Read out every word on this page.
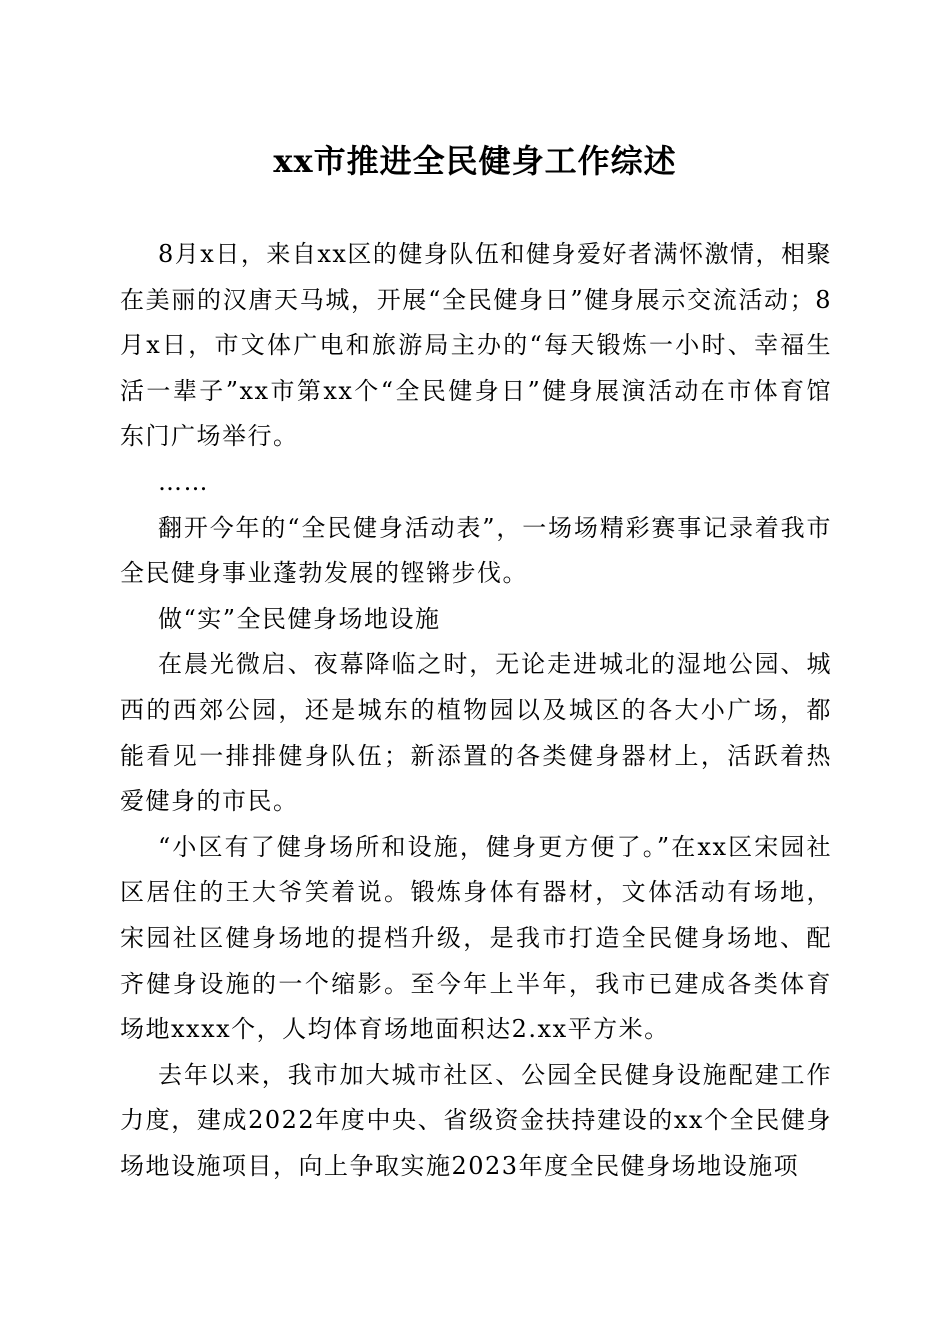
xx市推进全民健身工作综述

8月x日，来自xx区的健身队伍和健身爱好者满怀激情，相聚在美丽的汉唐天马城，开展“全民健身日”健身展示交流活动；8月x日，市文体广电和旅游局主办的“每天锻炼一小时、幸福生活一辈子”xx市第xx个“全民健身日”健身展演活动在市体育馆东门广场举行。

……

翻开今年的“全民健身活动表”，一场场精彩赛事记录着我市全民健身事业蓬勃发展的铿锵步伐。

做“实”全民健身场地设施

在晨光微启、夜幕降临之时，无论走进城北的湿地公园、城西的西郊公园，还是城东的植物园以及城区的各大小广场，都能看见一排排健身队伍；新添置的各类健身器材上，活跃着热爱健身的市民。

“小区有了健身场所和设施，健身更方便了。”在xx区宋园社区居住的王大爷笑着说。锻炼身体有器材，文体活动有场地，宋园社区健身场地的提档升级，是我市打造全民健身场地、配齐健身设施的一个缩影。至今年上半年，我市已建成各类体育场地xxxx个，人均体育场地面积达2.xx平方米。

去年以来，我市加大城市社区、公园全民健身设施配建工作力度，建成2022年度中央、省级资金扶持建设的xx个全民健身场地设施项目，向上争取实施2023年度全民健身场地设施项
